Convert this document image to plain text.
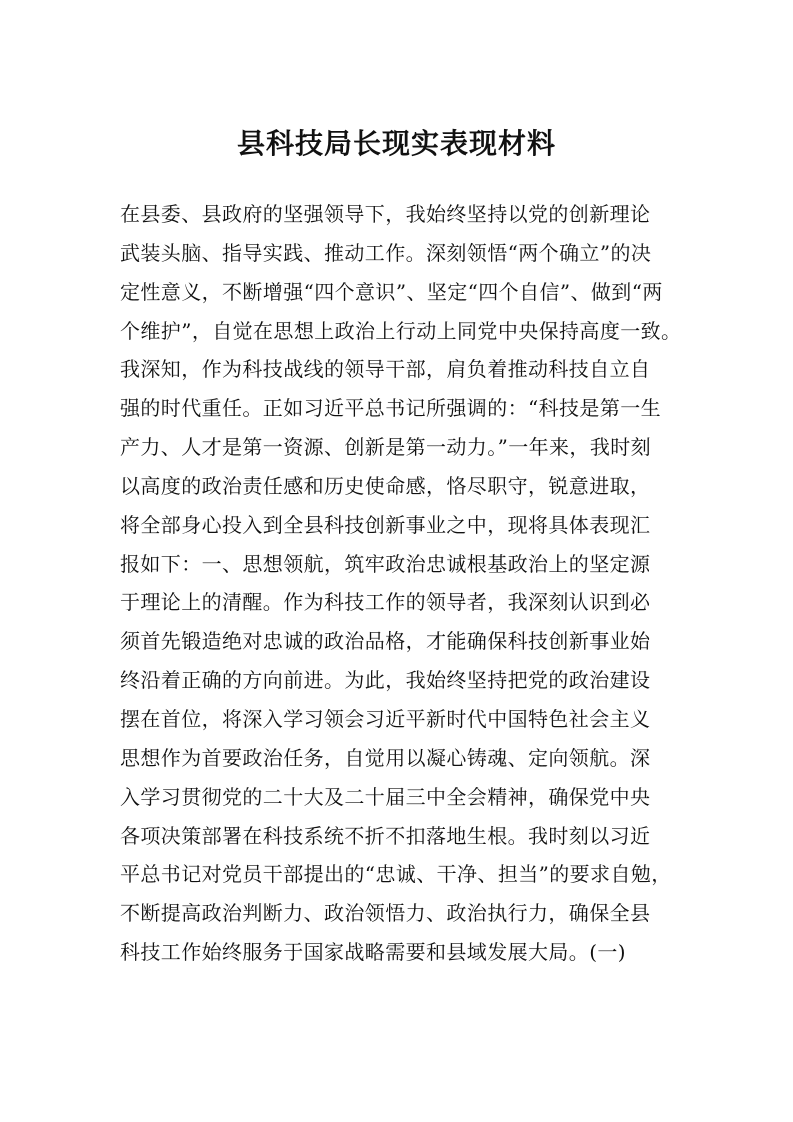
县科技局长现实表现材料
在县委、县政府的坚强领导下，我始终坚持以党的创新理论
武装头脑、指导实践、推动工作。深刻领悟“两个确立”的决
定性意义，不断增强“四个意识”、坚定“四个自信”、做到“两
个维护”，自觉在思想上政治上行动上同党中央保持高度一致。
我深知，作为科技战线的领导干部，肩负着推动科技自立自
强的时代重任。正如习近平总书记所强调的：“科技是第一生
产力、人才是第一资源、创新是第一动力。”一年来，我时刻
以高度的政治责任感和历史使命感，恪尽职守，锐意进取，
将全部身心投入到全县科技创新事业之中，现将具体表现汇
报如下：一、思想领航，筑牢政治忠诚根基政治上的坚定源
于理论上的清醒。作为科技工作的领导者，我深刻认识到必
须首先锻造绝对忠诚的政治品格，才能确保科技创新事业始
终沿着正确的方向前进。为此，我始终坚持把党的政治建设
摆在首位，将深入学习领会习近平新时代中国特色社会主义
思想作为首要政治任务，自觉用以凝心铸魂、定向领航。深
入学习贯彻党的二十大及二十届三中全会精神，确保党中央
各项决策部署在科技系统不折不扣落地生根。我时刻以习近
平总书记对党员干部提出的“忠诚、干净、担当”的要求自勉，
不断提高政治判断力、政治领悟力、政治执行力，确保全县
科技工作始终服务于国家战略需要和县域发展大局。(一)
